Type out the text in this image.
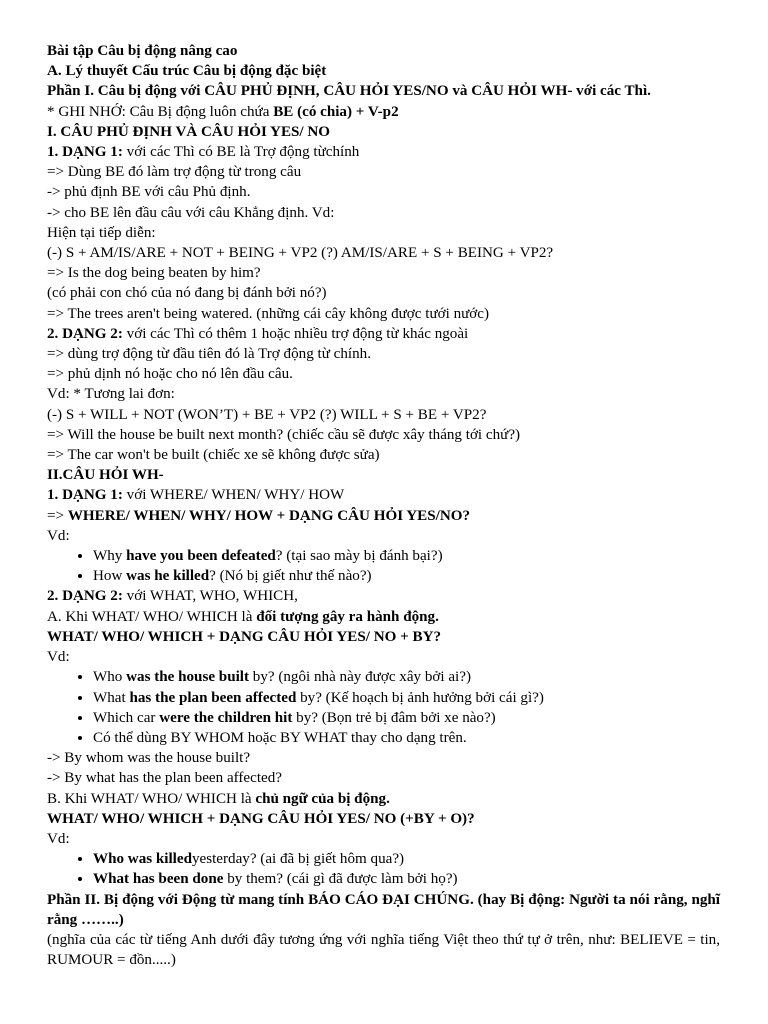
Bài tập Câu bị động nâng cao
A. Lý thuyết Cấu trúc Câu bị động đặc biệt
Phần I. Câu bị động với CÂU PHỦ ĐỊNH, CÂU HỎI YES/NO và CÂU HỎI WH- với các Thì.
* GHI NHỚ: Câu Bị động luôn chứa BE (có chia) + V-p2
I. CÂU PHỦ ĐỊNH VÀ CÂU HỎI YES/ NO
1. DẠNG 1: với các Thì có BE là Trợ động từchính
=> Dùng BE đó làm trợ động từ trong câu
-> phủ định BE với câu Phủ định.
-> cho BE lên đầu câu với câu Khẳng định. Vd:
Hiện tại tiếp diễn:
(-) S + AM/IS/ARE + NOT + BEING + VP2 (?) AM/IS/ARE + S + BEING + VP2?
=> Is the dog being beaten by him?
(có phải con chó của nó đang bị đánh bởi nó?)
=> The trees aren't being watered. (những cái cây không được tưới nước)
2. DẠNG 2: với các Thì có thêm 1 hoặc nhiều trợ động từ khác ngoài
=> dùng trợ động từ đầu tiên đó là Trợ động từ chính.
=> phủ dịnh nó hoặc cho nó lên đầu câu.
Vd: * Tương lai đơn:
(-) S + WILL + NOT (WON’T) + BE + VP2 (?) WILL + S + BE + VP2?
=> Will the house be built next month? (chiếc cầu sẽ được xây tháng tới chứ?)
=> The car won't be built (chiếc xe sẽ không được sửa)
II.CÂU HỎI WH-
1. DẠNG 1: với WHERE/ WHEN/ WHY/ HOW
=> WHERE/ WHEN/ WHY/ HOW + DẠNG CÂU HỎI YES/NO?
Vd:
• Why have you been defeated? (tại sao mày bị đánh bại?)
• How was he killed? (Nó bị giết như thế nào?)
2. DẠNG 2: với WHAT, WHO, WHICH,
A. Khi WHAT/ WHO/ WHICH là đối tượng gây ra hành động.
WHAT/ WHO/ WHICH + DẠNG CÂU HỎI YES/ NO + BY?
Vd:
• Who was the house built by? (ngôi nhà này được xây bởi ai?)
• What has the plan been affected by? (Kế hoạch bị ảnh hưởng bởi cái gì?)
• Which car were the children hit by? (Bọn trẻ bị đâm bởi xe nào?)
• Có thể dùng BY WHOM hoặc BY WHAT thay cho dạng trên.
-> By whom was the house built?
-> By what has the plan been affected?
B. Khi WHAT/ WHO/ WHICH là chủ ngữ của bị động.
WHAT/ WHO/ WHICH + DẠNG CÂU HỎI YES/ NO (+BY + O)?
Vd:
• Who was killedyesterday? (ai đã bị giết hôm qua?)
• What has been done by them? (cái gì đã được làm bởi họ?)
Phần II. Bị động với Động từ mang tính BÁO CÁO ĐẠI CHÚNG. (hay Bị động: Người ta nói rằng, nghĩ rằng ……..)
(nghĩa của các từ tiếng Anh dưới đây tương ứng với nghĩa tiếng Việt theo thứ tự ở trên, như: BELIEVE = tin, RUMOUR = đồn.....)
